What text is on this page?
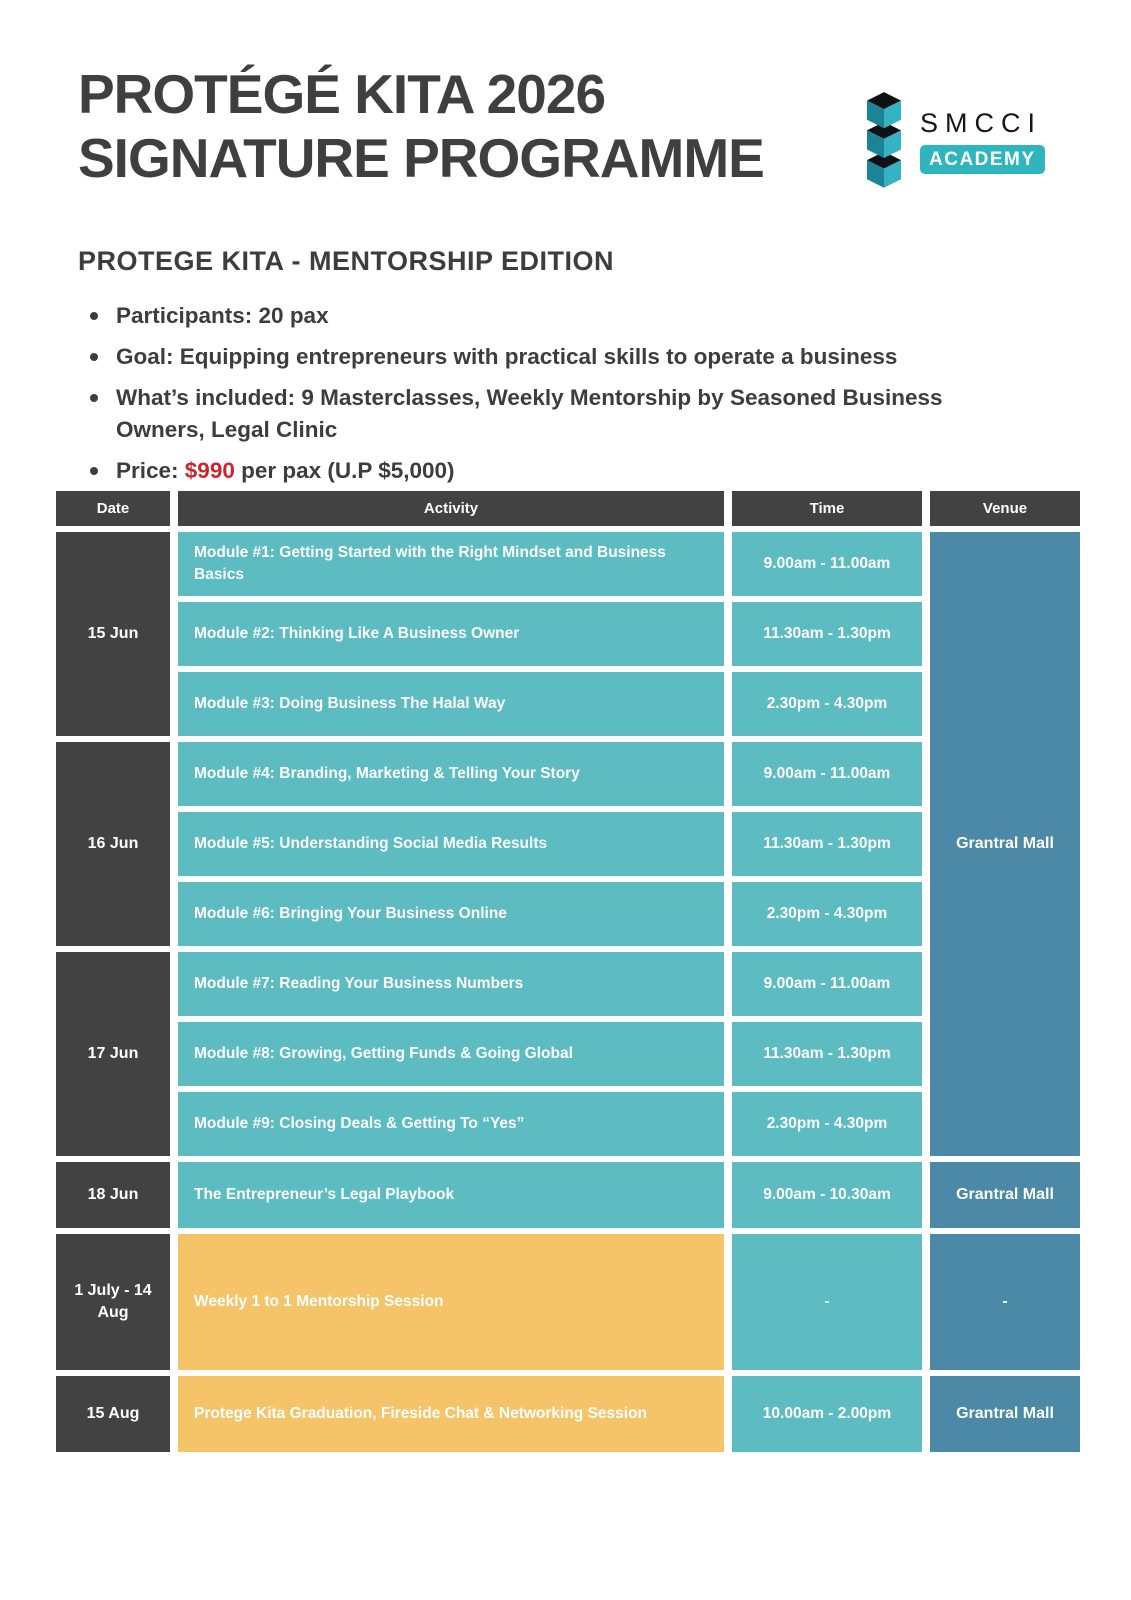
PROTÉGÉ KITA 2026
SIGNATURE PROGRAMME
SMCCI
ACADEMY
PROTEGE KITA - MENTORSHIP EDITION
Participants: 20 pax
Goal: Equipping entrepreneurs with practical skills to operate a business
What’s included: 9 Masterclasses, Weekly Mentorship by Seasoned Business Owners, Legal Clinic
Price: $990 per pax (U.P $5,000)
Date	Activity	Time	Venue
15 Jun	Module #1: Getting Started with the Right Mindset and Business Basics	9.00am - 11.00am	Grantral Mall
	Module #2: Thinking Like A Business Owner	11.30am - 1.30pm	
	Module #3: Doing Business The Halal Way	2.30pm - 4.30pm	
16 Jun	Module #4: Branding, Marketing & Telling Your Story	9.00am - 11.00am	
	Module #5: Understanding Social Media Results	11.30am - 1.30pm	
	Module #6: Bringing Your Business Online	2.30pm - 4.30pm	
17 Jun	Module #7: Reading Your Business Numbers	9.00am - 11.00am	
	Module #8: Growing, Getting Funds & Going Global	11.30am - 1.30pm	
	Module #9: Closing Deals & Getting To “Yes”	2.30pm - 4.30pm	
18 Jun	The Entrepreneur’s Legal Playbook	9.00am - 10.30am	Grantral Mall
1 July - 14 Aug	Weekly 1 to 1 Mentorship Session	-	-
15 Aug	Protege Kita Graduation, Fireside Chat & Networking Session	10.00am - 2.00pm	Grantral Mall
